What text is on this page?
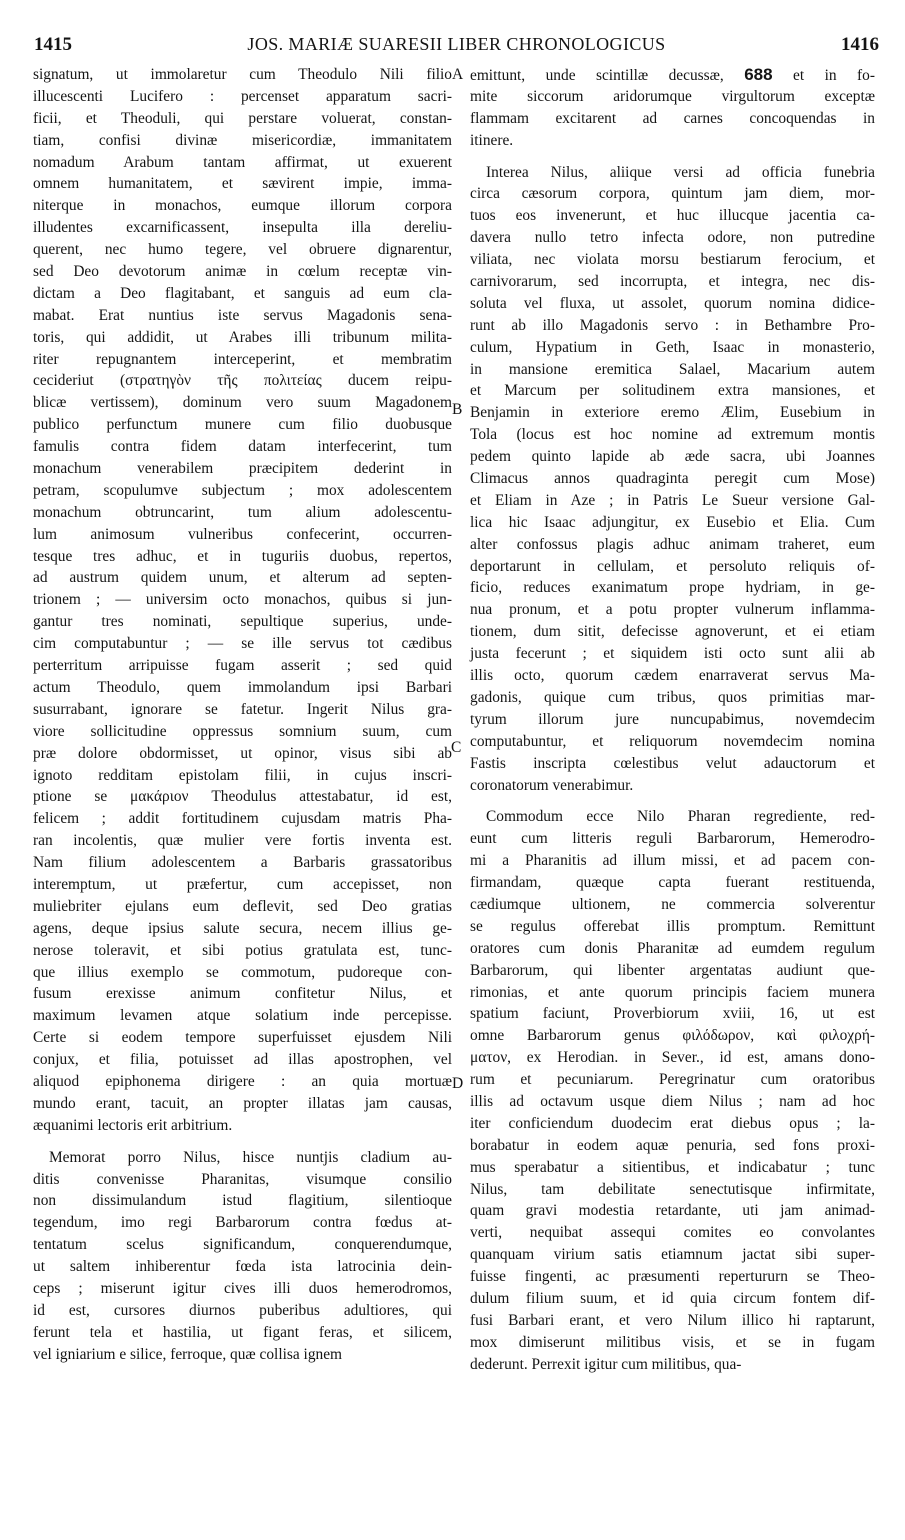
1415	JOS. MARIÆ SUARESII LIBER CHRONOLOGICUS	1416
A
B
C
D
signatum, ut immolaretur cum Theodulo Nili filio
illucescenti Lucifero : percenset apparatum sacri-
ficii, et Theoduli, qui perstare voluerat, constan-
tiam, confisi divinæ misericordiæ, immanitatem
nomadum Arabum tantam affirmat, ut exuerent
omnem humanitatem, et sævirent impie, imma-
niterque in monachos, eumque illorum corpora
illudentes excarnificassent, insepulta illa dereliu-
querent, nec humo tegere, vel obruere dignarentur,
sed Deo devotorum animæ in cœlum receptæ vin-
dictam a Deo flagitabant, et sanguis ad eum cla-
mabat. Erat nuntius iste servus Magadonis sena-
toris, qui addidit, ut Arabes illi tribunum milita-
riter repugnantem interceperint, et membratim
cecideriut (στρατηγὸν τῆς πολιτείας ducem reipu-
blicæ vertissem), dominum vero suum Magadonem
publico perfunctum munere cum filio duobusque
famulis contra fidem datam interfecerint, tum
monachum venerabilem præcipitem dederint in
petram, scopulumve subjectum ; mox adolescentem
monachum obtruncarint, tum alium adolescentu-
lum animosum vulneribus confecerint, occurren-
tesque tres adhuc, et in tuguriis duobus, repertos,
ad austrum quidem unum, et alterum ad septen-
trionem ; — universim octo monachos, quibus si jun-
gantur tres nominati, sepultique superius, unde-
cim computabuntur ; — se ille servus tot cædibus
perterritum arripuisse fugam asserit ; sed quid
actum Theodulo, quem immolandum ipsi Barbari
susurrabant, ignorare se fatetur. Ingerit Nilus gra-
viore sollicitudine oppressus somnium suum, cum
præ dolore obdormisset, ut opinor, visus sibi ab
ignoto redditam epistolam filii, in cujus inscri-
ptione se μακάριον Theodulus attestabatur, id est,
felicem ; addit fortitudinem cujusdam matris Pha-
ran incolentis, quæ mulier vere fortis inventa est.
Nam filium adolescentem a Barbaris grassatoribus
interemptum, ut præfertur, cum accepisset, non
muliebriter ejulans eum deflevit, sed Deo gratias
agens, deque ipsius salute secura, necem illius ge-
nerose toleravit, et sibi potius gratulata est, tunc-
que illius exemplo se commotum, pudoreque con-
fusum erexisse animum confitetur Nilus, et
maximum levamen atque solatium inde percepisse.
Certe si eodem tempore superfuisset ejusdem Nili
conjux, et filia, potuisset ad illas apostrophen, vel
aliquod epiphonema dirigere : an quia mortuæ
mundo erant, tacuit, an propter illatas jam causas,
æquanimi lectoris erit arbitrium.
Memorat porro Nilus, hisce nuntjis cladium au-
ditis convenisse Pharanitas, visumque consilio
non dissimulandum istud flagitium, silentioque
tegendum, imo regi Barbarorum contra fœdus at-
tentatum scelus significandum, conquerendumque,
ut saltem inhiberentur fœda ista latrocinia dein-
ceps ; miserunt igitur cives illi duos hemerodromos,
id est, cursores diurnos puberibus adultiores, qui
ferunt tela et hastilia, ut figant feras, et silicem,
vel igniarium e silice, ferroque, quæ collisa ignem
emittunt, unde scintillæ decussæ, 688 et in fo-
mite siccorum aridorumque virgultorum exceptæ
flammam excitarent ad carnes concoquendas in
itinere.
Interea Nilus, aliique versi ad officia funebria
circa cæsorum corpora, quintum jam diem, mor-
tuos eos invenerunt, et huc illucque jacentia ca-
davera nullo tetro infecta odore, non putredine
viliata, nec violata morsu bestiarum ferocium, et
carnivorarum, sed incorrupta, et integra, nec dis-
soluta vel fluxa, ut assolet, quorum nomina didice-
runt ab illo Magadonis servo : in Bethambre Pro-
culum, Hypatium in Geth, Isaac in monasterio,
in mansione eremitica Salael, Macarium autem
et Marcum per solitudinem extra mansiones, et
Benjamin in exteriore eremo Ælim, Eusebium in
Tola (locus est hoc nomine ad extremum montis
pedem quinto lapide ab æde sacra, ubi Joannes
Climacus annos quadraginta peregit cum Mose)
et Eliam in Aze ; in Patris Le Sueur versione Gal-
lica hic Isaac adjungitur, ex Eusebio et Elia. Cum
alter confossus plagis adhuc animam traheret, eum
deportarunt in cellulam, et persoluto reliquis of-
ficio, reduces exanimatum prope hydriam, in ge-
nua pronum, et a potu propter vulnerum inflamma-
tionem, dum sitit, defecisse agnoverunt, et ei etiam
justa fecerunt ; et siquidem isti octo sunt alii ab
illis octo, quorum cædem enarraverat servus Ma-
gadonis, quique cum tribus, quos primitias mar-
tyrum illorum jure nuncupabimus, novemdecim
computabuntur, et reliquorum novemdecim nomina
Fastis inscripta cœlestibus velut adauctorum et
coronatorum venerabimur.
Commodum ecce Nilo Pharan regrediente, red-
eunt cum litteris reguli Barbarorum, Hemerodro-
mi a Pharanitis ad illum missi, et ad pacem con-
firmandam, quæque capta fuerant restituenda,
cædiumque ultionem, ne commercia solverentur
se regulus offerebat illis promptum. Remittunt
oratores cum donis Pharanitæ ad eumdem regulum
Barbarorum, qui libenter argentatas audiunt que-
rimonias, et ante quorum principis faciem munera
spatium faciunt, Proverbiorum xviii, 16, ut est
omne Barbarorum genus φιλόδωρον, καὶ φιλοχρή-
ματον, ex Herodian. in Sever., id est, amans dono-
rum et pecuniarum. Peregrinatur cum oratoribus
illis ad octavum usque diem Nilus ; nam ad hoc
iter conficiendum duodecim erat diebus opus ; la-
borabatur in eodem aquæ penuria, sed fons proxi-
mus sperabatur a sitientibus, et indicabatur ; tunc
Nilus, tam debilitate senectutisque infirmitate,
quam gravi modestia retardante, uti jam animad-
verti, nequibat assequi comites eo convolantes
quanquam virium satis etiamnum jactat sibi super-
fuisse fingenti, ac præsumenti repertururn se Theo-
dulum filium suum, et id quia circum fontem dif-
fusi Barbari erant, et vero Nilum illico hi raptarunt,
mox dimiserunt militibus visis, et se in fugam
dederunt. Perrexit igitur cum militibus, qua-
